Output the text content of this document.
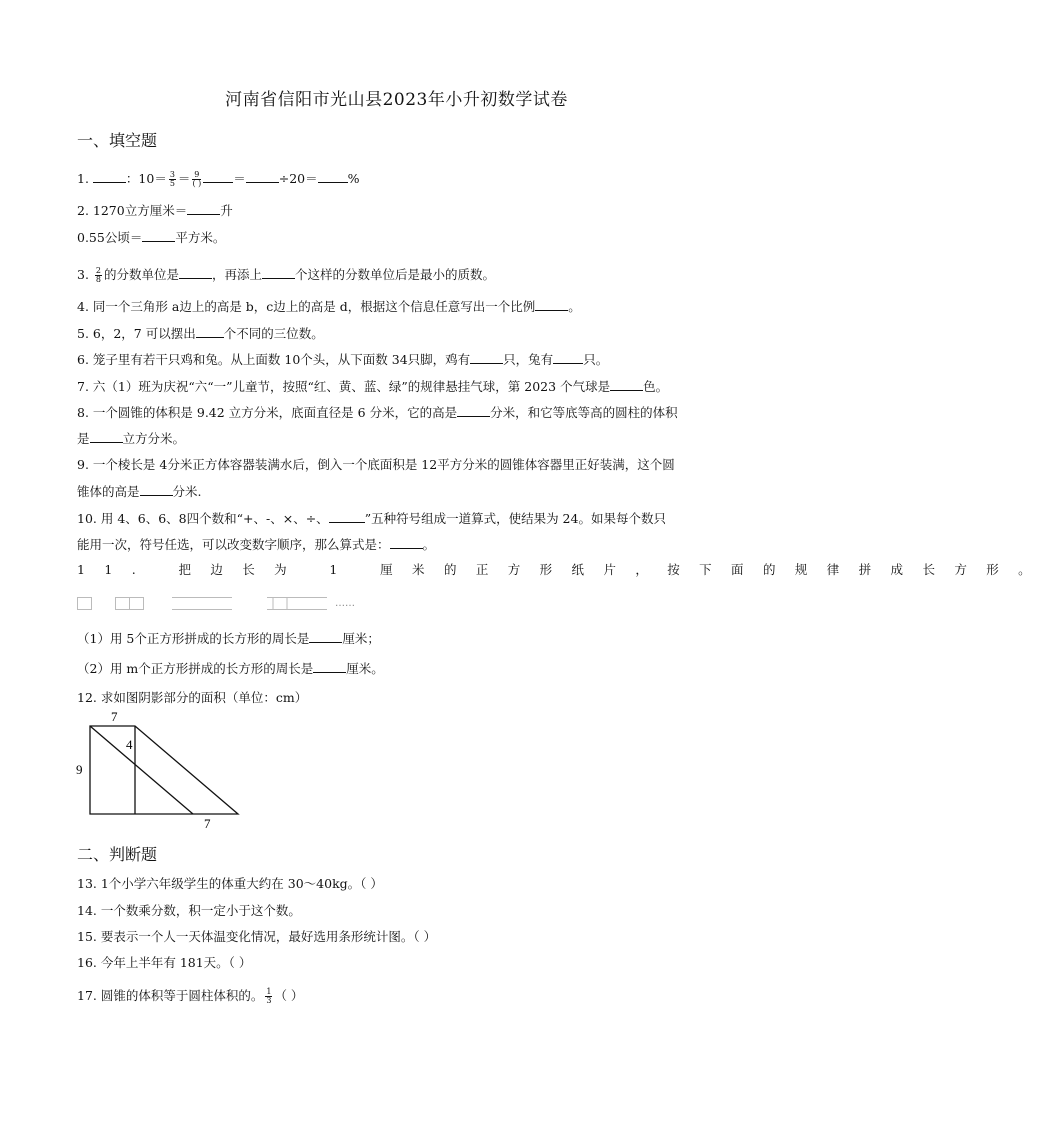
河南省信阳市光山县2023年小升初数学试卷
一、填空题
1.	：$10= \frac{3}{5} = \frac{9}{( )}$	＝	÷20＝ %
2. 1270立方厘米＝	升
0.55公顷＝	平方米。
3. $\frac{2}{8}$ 的分数单位是	，再添上	个这样的分数单位后是最小的质数。
4. 同一个三角形 a边上的高是 b，c边上的高是 d，根据这个信息任意写出一个比例	。
5. 6，2，7 可以摆出 个不同的三位数。
6. 笼子里有若干只鸡和兔。从上面数 10个头，从下面数 34只脚，鸡有	只，兔有 只。
7. 六（1）班为庆祝“六“一”儿童节，按照“红、黄、蓝、绿”的规律悬挂气球，第 2023 个气球是	色。
8. 一个圆锥的体积是 9.42 立方分米，底面直径是 6 分米，它的高是	分米，和它等底等高的圆柱的体积
是	立方分米。
9. 一个棱长是 4分米正方体容器装满水后，倒入一个底面积是 12平方分米的圆锥体容器里正好装满，这个圆
锥体的高是	分米.
10. 用 4、6、6、8四个数和“+、-、×、÷、	”五种符号组成一道算式，使结果为 24。如果每个数只
能用一次，符号任选，可以改变数字顺序，那么算式是：	。
11. 把边长为 1 厘米的正方形纸片，按下面的规律拼成长方形。
……
（1）用 5个正方形拼成的长方形的周长是	厘米；
（2）用 m个正方形拼成的长方形的周长是	厘米。
12. 求如图阴影部分的面积（单位：cm）
7
4
9
7
二、判断题
13. 1个小学六年级学生的体重大约在 30～40kg。（ ）
14. 一个数乘分数，积一定小于这个数。
15. 要表示一个人一天体温变化情况，最好选用条形统计图。（ ）
16. 今年上半年有 181天。（ ）
17. 圆锥的体积等于圆柱体积的。 $\frac{1}{3}$ （ ）
